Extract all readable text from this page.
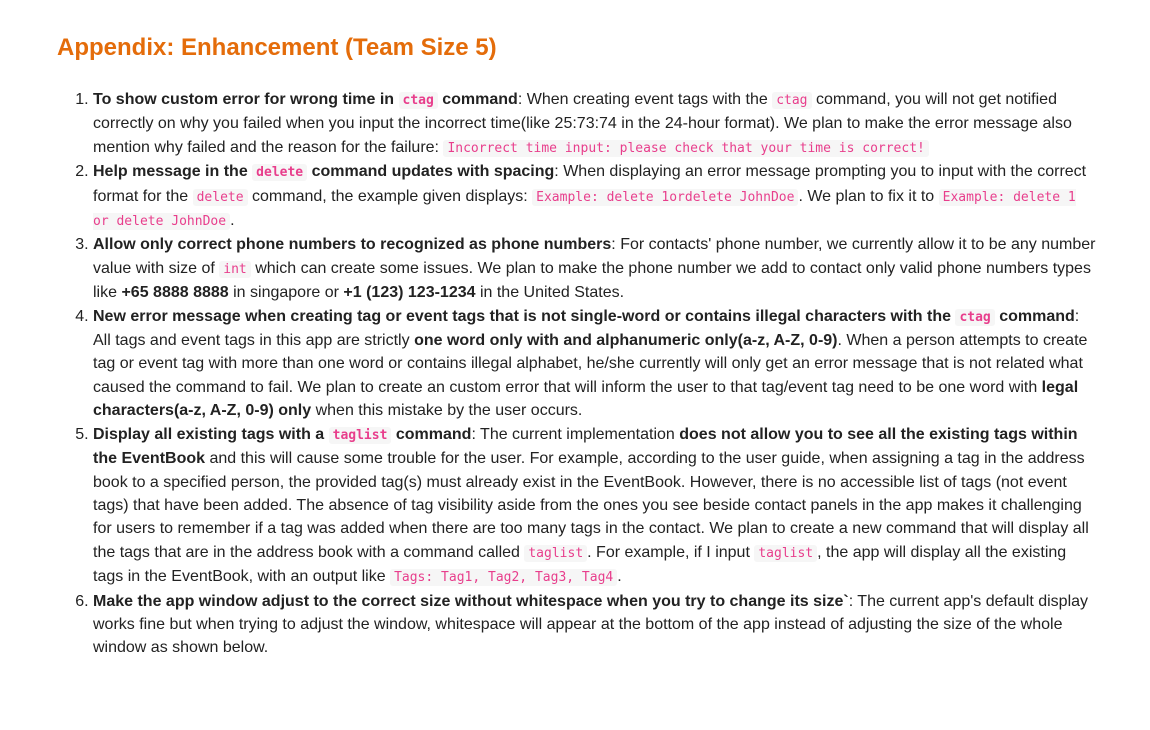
Appendix: Enhancement (Team Size 5)
1. To show custom error for wrong time in ctag command: When creating event tags with the ctag command, you will not get notified correctly on why you failed when you input the incorrect time(like 25:73:74 in the 24-hour format). We plan to make the error message also mention why failed and the reason for the failure: Incorrect time input: please check that your time is correct!
2. Help message in the delete command updates with spacing: When displaying an error message prompting you to input with the correct format for the delete command, the example given displays: Example: delete 1ordelete JohnDoe . We plan to fix it to Example: delete 1 or delete JohnDoe .
3. Allow only correct phone numbers to recognized as phone numbers: For contacts' phone number, we currently allow it to be any number value with size of int which can create some issues. We plan to make the phone number we add to contact only valid phone numbers types like +65 8888 8888 in singapore or +1 (123) 123-1234 in the United States.
4. New error message when creating tag or event tags that is not single-word or contains illegal characters with the ctag command: All tags and event tags in this app are strictly one word only with and alphanumeric only(a-z, A-Z, 0-9). When a person attempts to create tag or event tag with more than one word or contains illegal alphabet, he/she currently will only get an error message that is not related what caused the command to fail. We plan to create an custom error that will inform the user to that tag/event tag need to be one word with legal characters(a-z, A-Z, 0-9) only when this mistake by the user occurs.
5. Display all existing tags with a taglist command: The current implementation does not allow you to see all the existing tags within the EventBook and this will cause some trouble for the user. For example, according to the user guide, when assigning a tag in the address book to a specified person, the provided tag(s) must already exist in the EventBook. However, there is no accessible list of tags (not event tags) that have been added. The absence of tag visibility aside from the ones you see beside contact panels in the app makes it challenging for users to remember if a tag was added when there are too many tags in the contact. We plan to create a new command that will display all the tags that are in the address book with a command called taglist . For example, if I input taglist , the app will display all the existing tags in the EventBook, with an output like Tags: Tag1, Tag2, Tag3, Tag4 .
6. Make the app window adjust to the correct size without whitespace when you try to change its size`: The current app's default display works fine but when trying to adjust the window, whitespace will appear at the bottom of the app instead of adjusting the size of the whole window as shown below.
